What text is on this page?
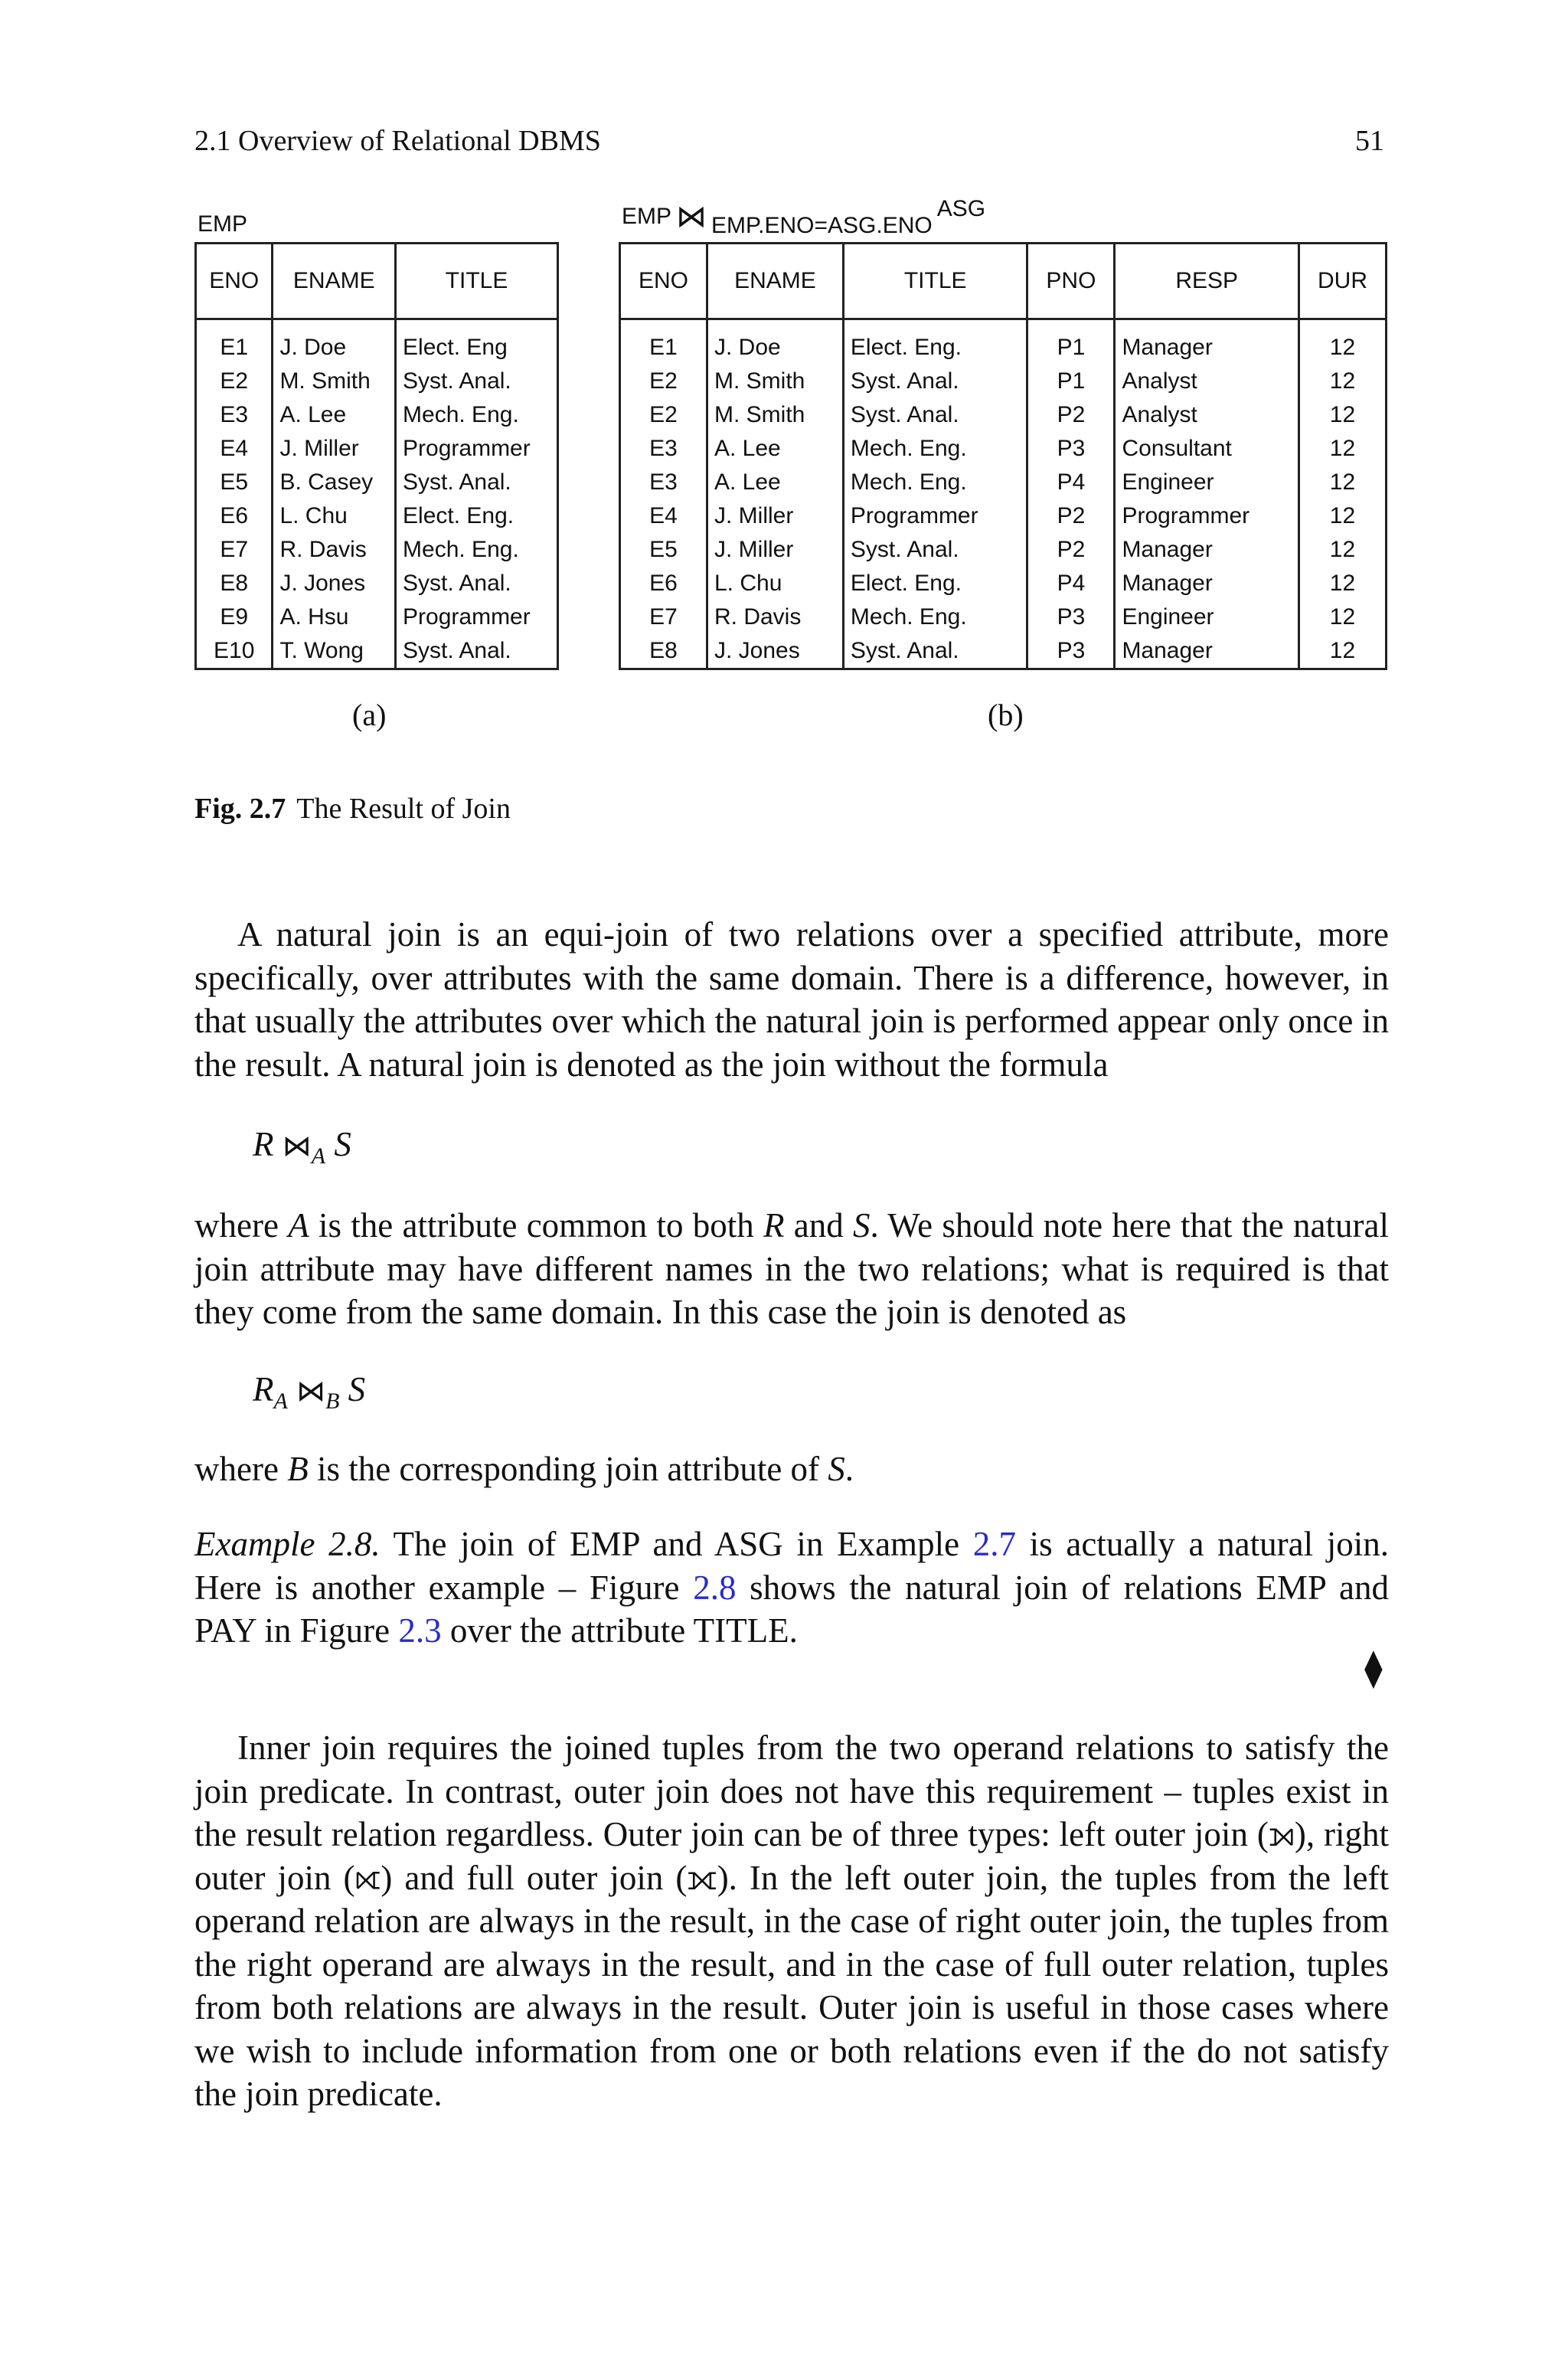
2.1 Overview of Relational DBMS	51
EMP
ENO	ENAME	TITLE
E1	J. Doe	Elect. Eng
E2	M. Smith	Syst. Anal.
E3	A. Lee	Mech. Eng.
E4	J. Miller	Programmer
E5	B. Casey	Syst. Anal.
E6	L. Chu	Elect. Eng.
E7	R. Davis	Mech. Eng.
E8	J. Jones	Syst. Anal.
E9	A. Hsu	Programmer
E10	T. Wong	Syst. Anal.
EMP ⋈ EMP.ENO=ASG.ENOASG
ENO	ENAME	TITLE	PNO	RESP	DUR
E1	J. Doe	Elect. Eng.	P1	Manager	12
E2	M. Smith	Syst. Anal.	P1	Analyst	12
E2	M. Smith	Syst. Anal.	P2	Analyst	12
E3	A. Lee	Mech. Eng.	P3	Consultant	12
E3	A. Lee	Mech. Eng.	P4	Engineer	12
E4	J. Miller	Programmer	P2	Programmer	12
E5	J. Miller	Syst. Anal.	P2	Manager	12
E6	L. Chu	Elect. Eng.	P4	Manager	12
E7	R. Davis	Mech. Eng.	P3	Engineer	12
E8	J. Jones	Syst. Anal.	P3	Manager	12
(a)	(b)
Fig. 2.7 The Result of Join

A natural join is an equi-join of two relations over a specified attribute, more specifically, over attributes with the same domain. There is a difference, however, in that usually the attributes over which the natural join is performed appear only once in the result. A natural join is denoted as the join without the formula

R $⋈_A$ S

where A is the attribute common to both R and S. We should note here that the natural join attribute may have different names in the two relations; what is required is that they come from the same domain. In this case the join is denoted as

$R_A$ $⋈_B$ S

where B is the corresponding join attribute of S.

Example 2.8. The join of EMP and ASG in Example 2.7 is actually a natural join. Here is another example – Figure 2.8 shows the natural join of relations EMP and PAY in Figure 2.3 over the attribute TITLE.

⧫

Inner join requires the joined tuples from the two operand relations to satisfy the join predicate. In contrast, outer join does not have this requirement – tuples exist in the result relation regardless. Outer join can be of three types: left outer join (⟕), right outer join (⟖) and full outer join (⟗). In the left outer join, the tuples from the left operand relation are always in the result, in the case of right outer join, the tuples from the right operand are always in the result, and in the case of full outer relation, tuples from both relations are always in the result. Outer join is useful in those cases where we wish to include information from one or both relations even if the do not satisfy the join predicate.
